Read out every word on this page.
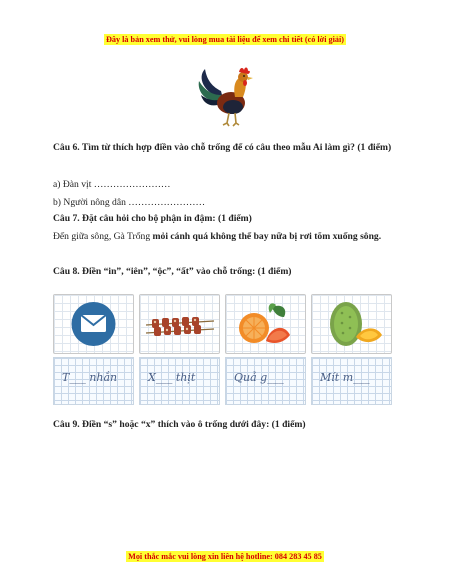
Đây là bản xem thử, vui lòng mua tài liệu để xem chi tiết (có lời giải)
Câu 6. Tìm từ thích hợp điền vào chỗ trống để có câu theo mẫu Ai làm gì? (1 điểm)
a) Đàn vịt ……………………
b) Người nông dân ……………………
Câu 7. Đặt câu hỏi cho bộ phận in đậm: (1 điểm)
Đến giữa sông, Gà Trống mỏi cánh quá không thể bay nữa bị rơi tõm xuống sông.
Câu 8. Điền “in”, “iên”, “ộc”, “ất” vào chỗ trống: (1 điểm)
T___ nhắn	X___ thịt	Quả g___	Mít m___
Câu 9. Điền “s” hoặc “x” thích vào ô trống dưới đây: (1 điểm)
Mọi thắc mắc vui lòng xin liên hệ hotline: 084 283 45 85
